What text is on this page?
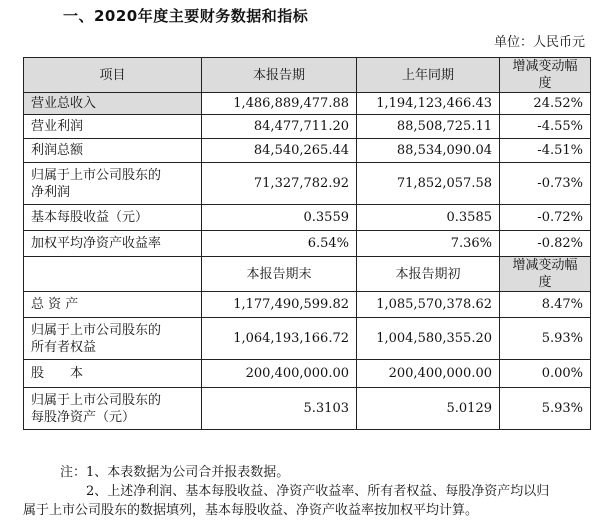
一、2020年度主要财务数据和指标
单位：人民币元
项目	本报告期	上年同期	增减变动幅度
营业总收入	1,486,889,477.88	1,194,123,466.43	24.52%
营业利润	84,477,711.20	88,508,725.11	-4.55%
利润总额	84,540,265.44	88,534,090.04	-4.51%
归属于上市公司股东的
净利润	71,327,782.92	71,852,057.58	-0.73%
基本每股收益（元）	0.3559	0.3585	-0.72%
加权平均净资产收益率	6.54%	7.36%	-0.82%
	本报告期末	本报告期初	增减变动幅度
总 资 产	1,177,490,599.82	1,085,570,378.62	8.47%
归属于上市公司股东的
所有者权益	1,064,193,166.72	1,004,580,355.20	5.93%
股　　本	200,400,000.00	200,400,000.00	0.00%
归属于上市公司股东的
每股净资产（元）	5.3103	5.0129	5.93%
注：1、本表数据为公司合并报表数据。
2、上述净利润、基本每股收益、净资产收益率、所有者权益、每股净资产均以归
属于上市公司股东的数据填列，基本每股收益、净资产收益率按加权平均计算。
